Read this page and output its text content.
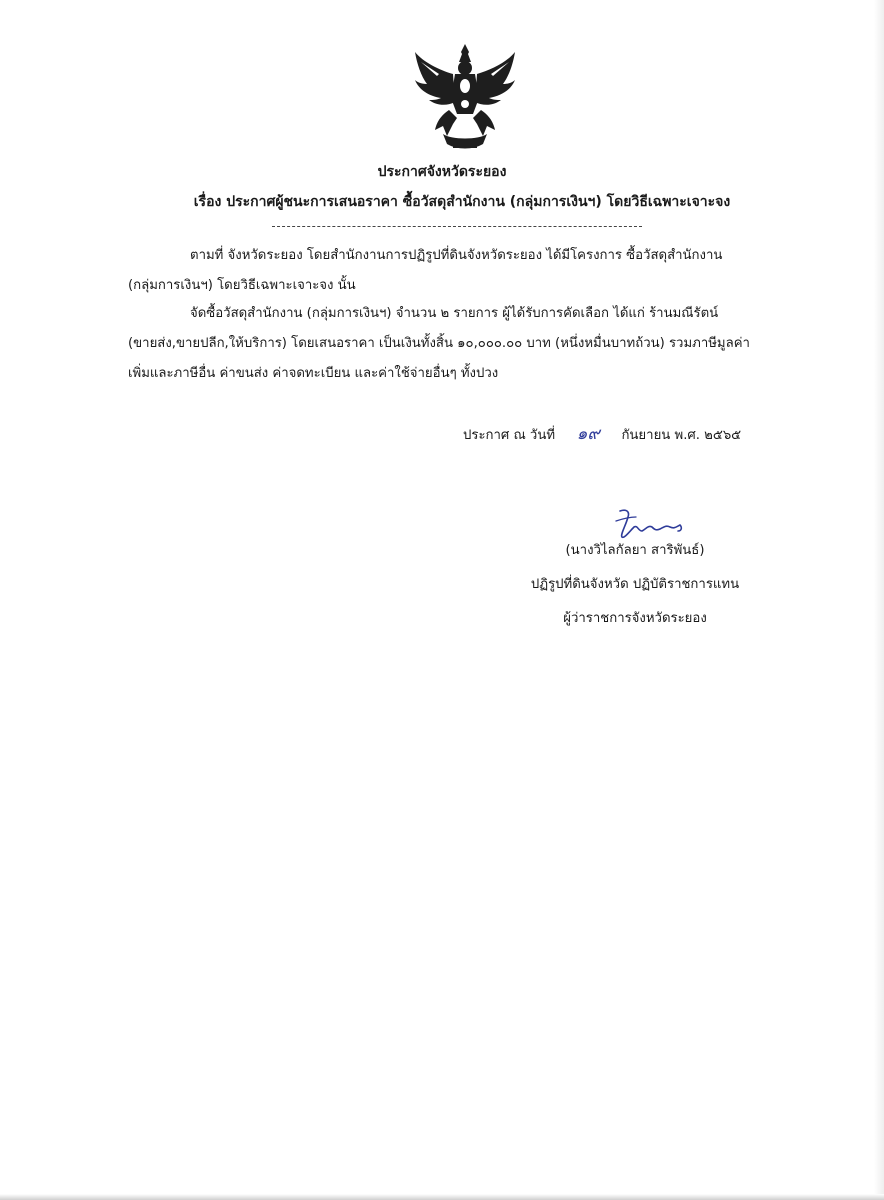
ประกาศจังหวัดระยอง
เรื่อง ประกาศผู้ชนะการเสนอราคา ซื้อวัสดุสำนักงาน (กลุ่มการเงินฯ) โดยวิธีเฉพาะเจาะจง
ตามที่ จังหวัดระยอง โดยสำนักงานการปฏิรูปที่ดินจังหวัดระยอง ได้มีโครงการ ซื้อวัสดุสำนักงาน (กลุ่มการเงินฯ) โดยวิธีเฉพาะเจาะจง นั้น
จัดซื้อวัสดุสำนักงาน (กลุ่มการเงินฯ) จำนวน ๒ รายการ ผู้ได้รับการคัดเลือก ได้แก่ ร้านมณีรัตน์ (ขายส่ง,ขายปลีก,ให้บริการ) โดยเสนอราคา เป็นเงินทั้งสิ้น ๑๐,๐๐๐.๐๐ บาท (หนึ่งหมื่นบาทถ้วน) รวมภาษีมูลค่าเพิ่มและภาษีอื่น ค่าขนส่ง ค่าจดทะเบียน และค่าใช้จ่ายอื่นๆ ทั้งปวง
ประกาศ ณ วันที่ ๑๙ กันยายน พ.ศ. ๒๕๖๕
(นางวิไลกัลยา สาริพันธ์)
ปฏิรูปที่ดินจังหวัด ปฏิบัติราชการแทน
ผู้ว่าราชการจังหวัดระยอง
